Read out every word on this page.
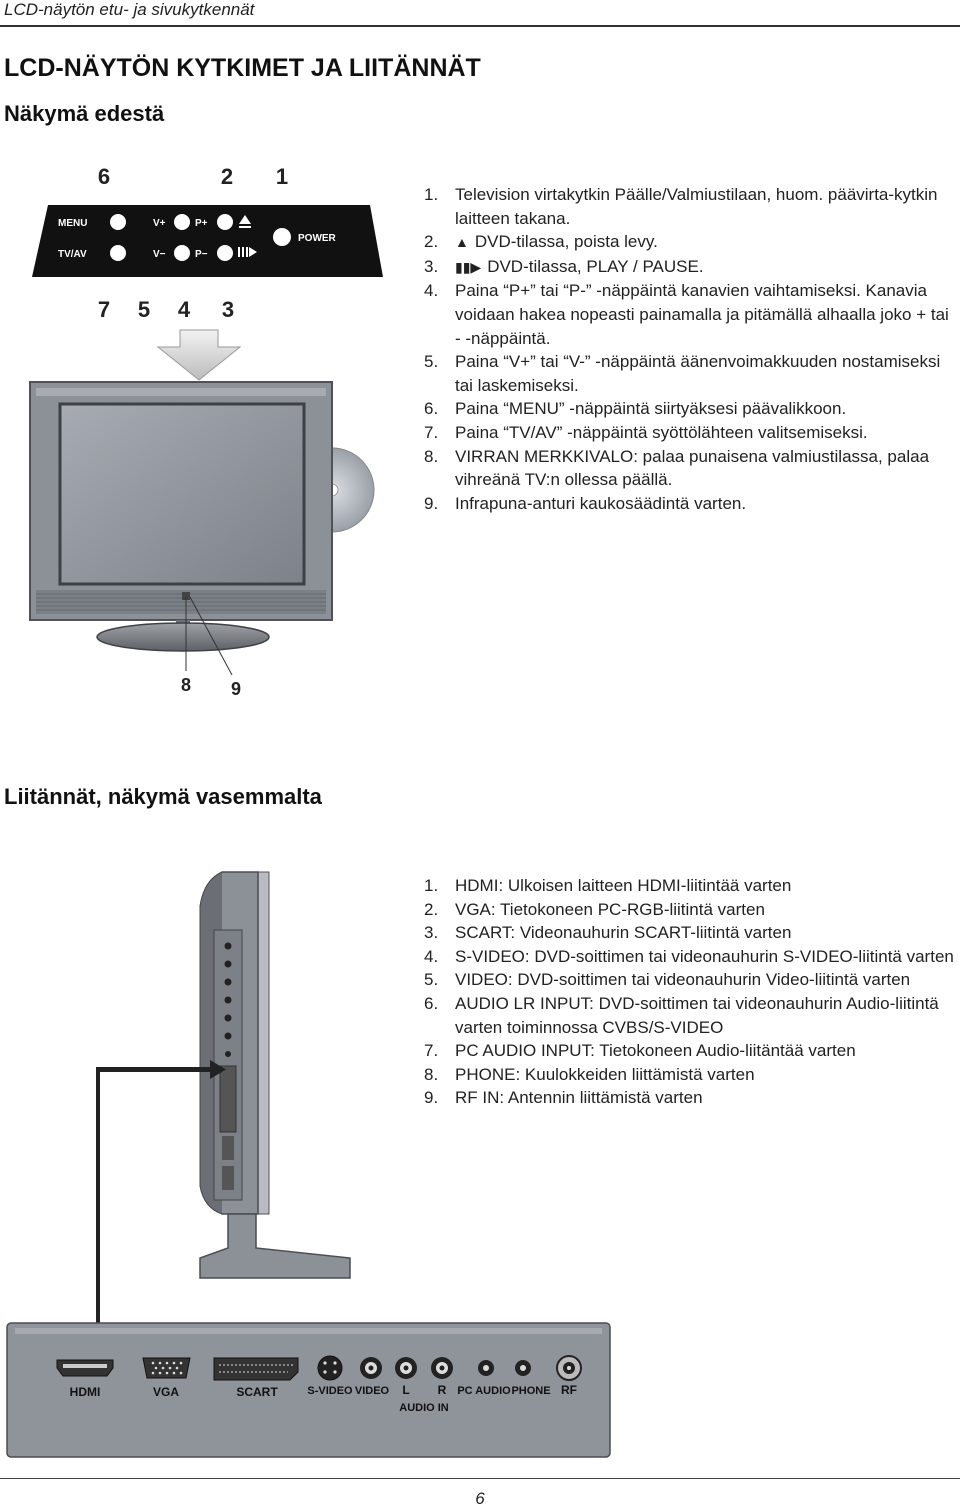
LCD-näytön etu- ja sivukytkennät
LCD-NÄYTÖN KYTKIMET JA LIITÄNNÄT
Näkymä edestä
6	2 1
MENU
TV/AV
V+
V−
P+
P−
POWER
7 5 4 3
8 9
HDMI	VGA	SCART	S-VIDEO VIDEO L R
AUDIO IN
PC AUDIO PHONE RF
1. Television virtakytkin Päälle/Valmiustilaan, huom. päävirta-kytkin laitteen takana.
2. ▲ DVD-tilassa, poista levy.
3. ▮▮▶ DVD-tilassa, PLAY / PAUSE.
4. Paina “P+” tai “P-” -näppäintä kanavien vaihtamiseksi. Kanavia voidaan hakea nopeasti painamalla ja pitämällä alhaalla joko + tai - -näppäintä.
5. Paina “V+” tai “V-” -näppäintä äänenvoimakkuuden nostamiseksi tai laskemiseksi.
6. Paina “MENU” -näppäintä siirtyäksesi päävalikkoon.
7. Paina “TV/AV” -näppäintä syöttölähteen valitsemiseksi.
8. VIRRAN MERKKIVALO: palaa punaisena valmiustilassa, palaa vihreänä TV:n ollessa päällä.
9. Infrapuna-anturi kaukosäädintä varten.
Liitännät, näkymä vasemmalta
1. HDMI: Ulkoisen laitteen HDMI-liitintää varten
2. VGA: Tietokoneen PC-RGB-liitintä varten
3. SCART: Videonauhurin SCART-liitintä varten
4. S-VIDEO: DVD-soittimen tai videonauhurin S-VIDEO-liitintä varten
5. VIDEO: DVD-soittimen tai videonauhurin Video-liitintä varten
6. AUDIO LR INPUT: DVD-soittimen tai videonauhurin Audio-liitintä varten toiminnossa CVBS/S-VIDEO
7. PC AUDIO INPUT: Tietokoneen Audio-liitäntää varten
8. PHONE: Kuulokkeiden liittämistä varten
9. RF IN: Antennin liittämistä varten
6
